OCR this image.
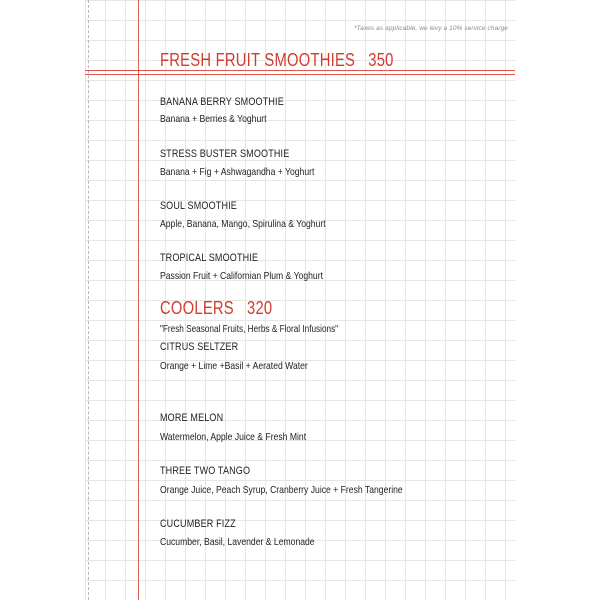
*Taxes as applicable, we levy a 10% service charge
FRESH FRUIT SMOOTHIES 350
BANANA BERRY SMOOTHIE
Banana + Berries & Yoghurt
STRESS BUSTER SMOOTHIE
Banana + Fig + Ashwagandha + Yoghurt
SOUL SMOOTHIE
Apple, Banana, Mango, Spirulina & Yoghurt
TROPICAL SMOOTHIE
Passion Fruit + Californian Plum & Yoghurt
COOLERS 320
"Fresh Seasonal Fruits, Herbs & Floral Infusions"
CITRUS SELTZER
Orange + Lime +Basil + Aerated Water
MORE MELON
Watermelon, Apple Juice & Fresh Mint
THREE TWO TANGO
Orange Juice, Peach Syrup, Cranberry Juice + Fresh Tangerine
CUCUMBER FIZZ
Cucumber, Basil, Lavender & Lemonade
